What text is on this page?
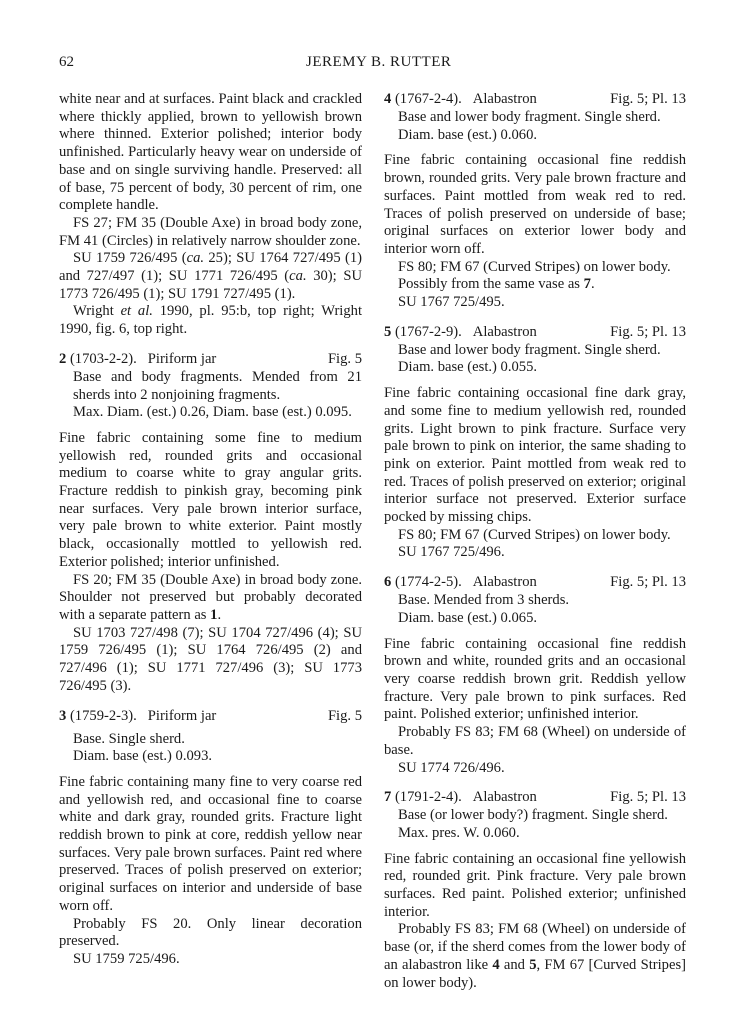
62	JEREMY B. RUTTER

white near and at surfaces. Paint black and crackled where thickly applied, brown to yellowish brown where thinned. Exterior polished; interior body unfinished. Particularly heavy wear on underside of base and on single surviving handle. Preserved: all of base, 75 percent of body, 30 percent of rim, one complete handle.

FS 27; FM 35 (Double Axe) in broad body zone, FM 41 (Circles) in relatively narrow shoulder zone.

SU 1759 726/495 (ca. 25); SU 1764 727/495 (1) and 727/497 (1); SU 1771 726/495 (ca. 30); SU 1773 726/495 (1); SU 1791 727/495 (1).

Wright et al. 1990, pl. 95:b, top right; Wright 1990, fig. 6, top right.

2 (1703-2-2). Piriform jar	Fig. 5

Base and body fragments. Mended from 21 sherds into 2 nonjoining fragments.

Max. Diam. (est.) 0.26, Diam. base (est.) 0.095.

Fine fabric containing some fine to medium yellowish red, rounded grits and occasional medium to coarse white to gray angular grits. Fracture reddish to pinkish gray, becoming pink near surfaces. Very pale brown interior surface, very pale brown to white exterior. Paint mostly black, occasionally mottled to yellowish red. Exterior polished; interior unfinished.

FS 20; FM 35 (Double Axe) in broad body zone. Shoulder not preserved but probably decorated with a separate pattern as 1.

SU 1703 727/498 (7); SU 1704 727/496 (4); SU 1759 726/495 (1); SU 1764 726/495 (2) and 727/496 (1); SU 1771 727/496 (3); SU 1773 726/495 (3).

3 (1759-2-3). Piriform jar	Fig. 5

Base. Single sherd.

Diam. base (est.) 0.093.

Fine fabric containing many fine to very coarse red and yellowish red, and occasional fine to coarse white and dark gray, rounded grits. Fracture light reddish brown to pink at core, reddish yellow near surfaces. Very pale brown surfaces. Paint red where preserved. Traces of polish preserved on exterior; original surfaces on interior and underside of base worn off.

Probably FS 20. Only linear decoration preserved.

SU 1759 725/496.

4 (1767-2-4). Alabastron	Fig. 5; Pl. 13

Base and lower body fragment. Single sherd.

Diam. base (est.) 0.060.

Fine fabric containing occasional fine reddish brown, rounded grits. Very pale brown fracture and surfaces. Paint mottled from weak red to red. Traces of polish preserved on underside of base; original surfaces on exterior lower body and interior worn off.

FS 80; FM 67 (Curved Stripes) on lower body.

Possibly from the same vase as 7.

SU 1767 725/495.

5 (1767-2-9). Alabastron	Fig. 5; Pl. 13

Base and lower body fragment. Single sherd.

Diam. base (est.) 0.055.

Fine fabric containing occasional fine dark gray, and some fine to medium yellowish red, rounded grits. Light brown to pink fracture. Surface very pale brown to pink on interior, the same shading to pink on exterior. Paint mottled from weak red to red. Traces of polish preserved on exterior; original interior surface not preserved. Exterior surface pocked by missing chips.

FS 80; FM 67 (Curved Stripes) on lower body.

SU 1767 725/496.

6 (1774-2-5). Alabastron	Fig. 5; Pl. 13

Base. Mended from 3 sherds.

Diam. base (est.) 0.065.

Fine fabric containing occasional fine reddish brown and white, rounded grits and an occasional very coarse reddish brown grit. Reddish yellow fracture. Very pale brown to pink surfaces. Red paint. Polished exterior; unfinished interior.

Probably FS 83; FM 68 (Wheel) on underside of base.

SU 1774 726/496.

7 (1791-2-4). Alabastron	Fig. 5; Pl. 13

Base (or lower body?) fragment. Single sherd.

Max. pres. W. 0.060.

Fine fabric containing an occasional fine yellowish red, rounded grit. Pink fracture. Very pale brown surfaces. Red paint. Polished exterior; unfinished interior.

Probably FS 83; FM 68 (Wheel) on underside of base (or, if the sherd comes from the lower body of an alabastron like 4 and 5, FM 67 [Curved Stripes] on lower body).
